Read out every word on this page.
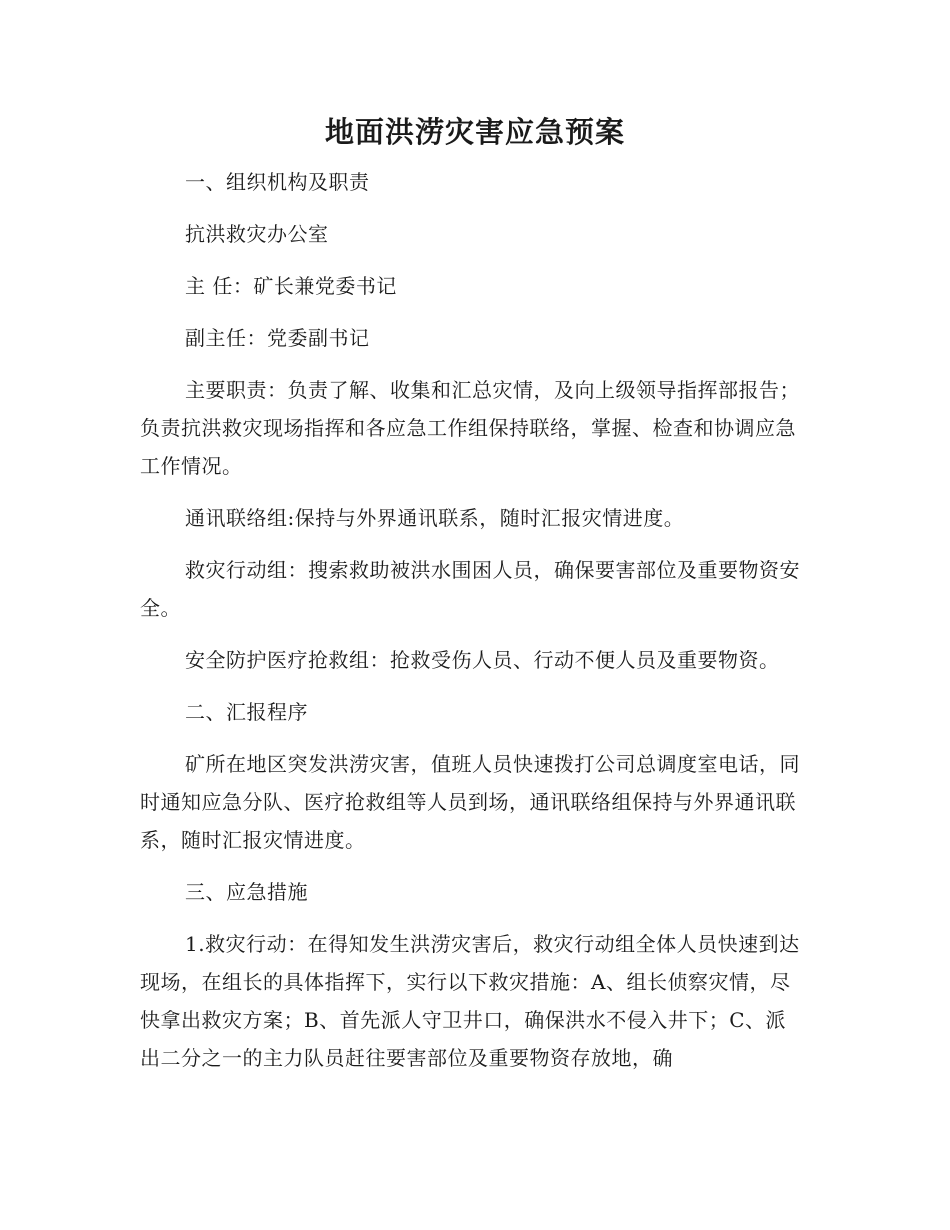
地面洪涝灾害应急预案

一、组织机构及职责

抗洪救灾办公室

主 任：矿长兼党委书记

副主任：党委副书记

主要职责：负责了解、收集和汇总灾情，及向上级领导指挥部报告；负责抗洪救灾现场指挥和各应急工作组保持联络，掌握、检查和协调应急工作情况。

通讯联络组:保持与外界通讯联系，随时汇报灾情进度。

救灾行动组：搜索救助被洪水围困人员，确保要害部位及重要物资安全。

安全防护医疗抢救组：抢救受伤人员、行动不便人员及重要物资。

二、汇报程序

矿所在地区突发洪涝灾害，值班人员快速拨打公司总调度室电话，同时通知应急分队、医疗抢救组等人员到场，通讯联络组保持与外界通讯联系，随时汇报灾情进度。

三、应急措施

1.救灾行动：在得知发生洪涝灾害后，救灾行动组全体人员快速到达现场，在组长的具体指挥下，实行以下救灾措施：A、组长侦察灾情，尽快拿出救灾方案；B、首先派人守卫井口，确保洪水不侵入井下；C、派出二分之一的主力队员赶往要害部位及重要物资存放地，确
